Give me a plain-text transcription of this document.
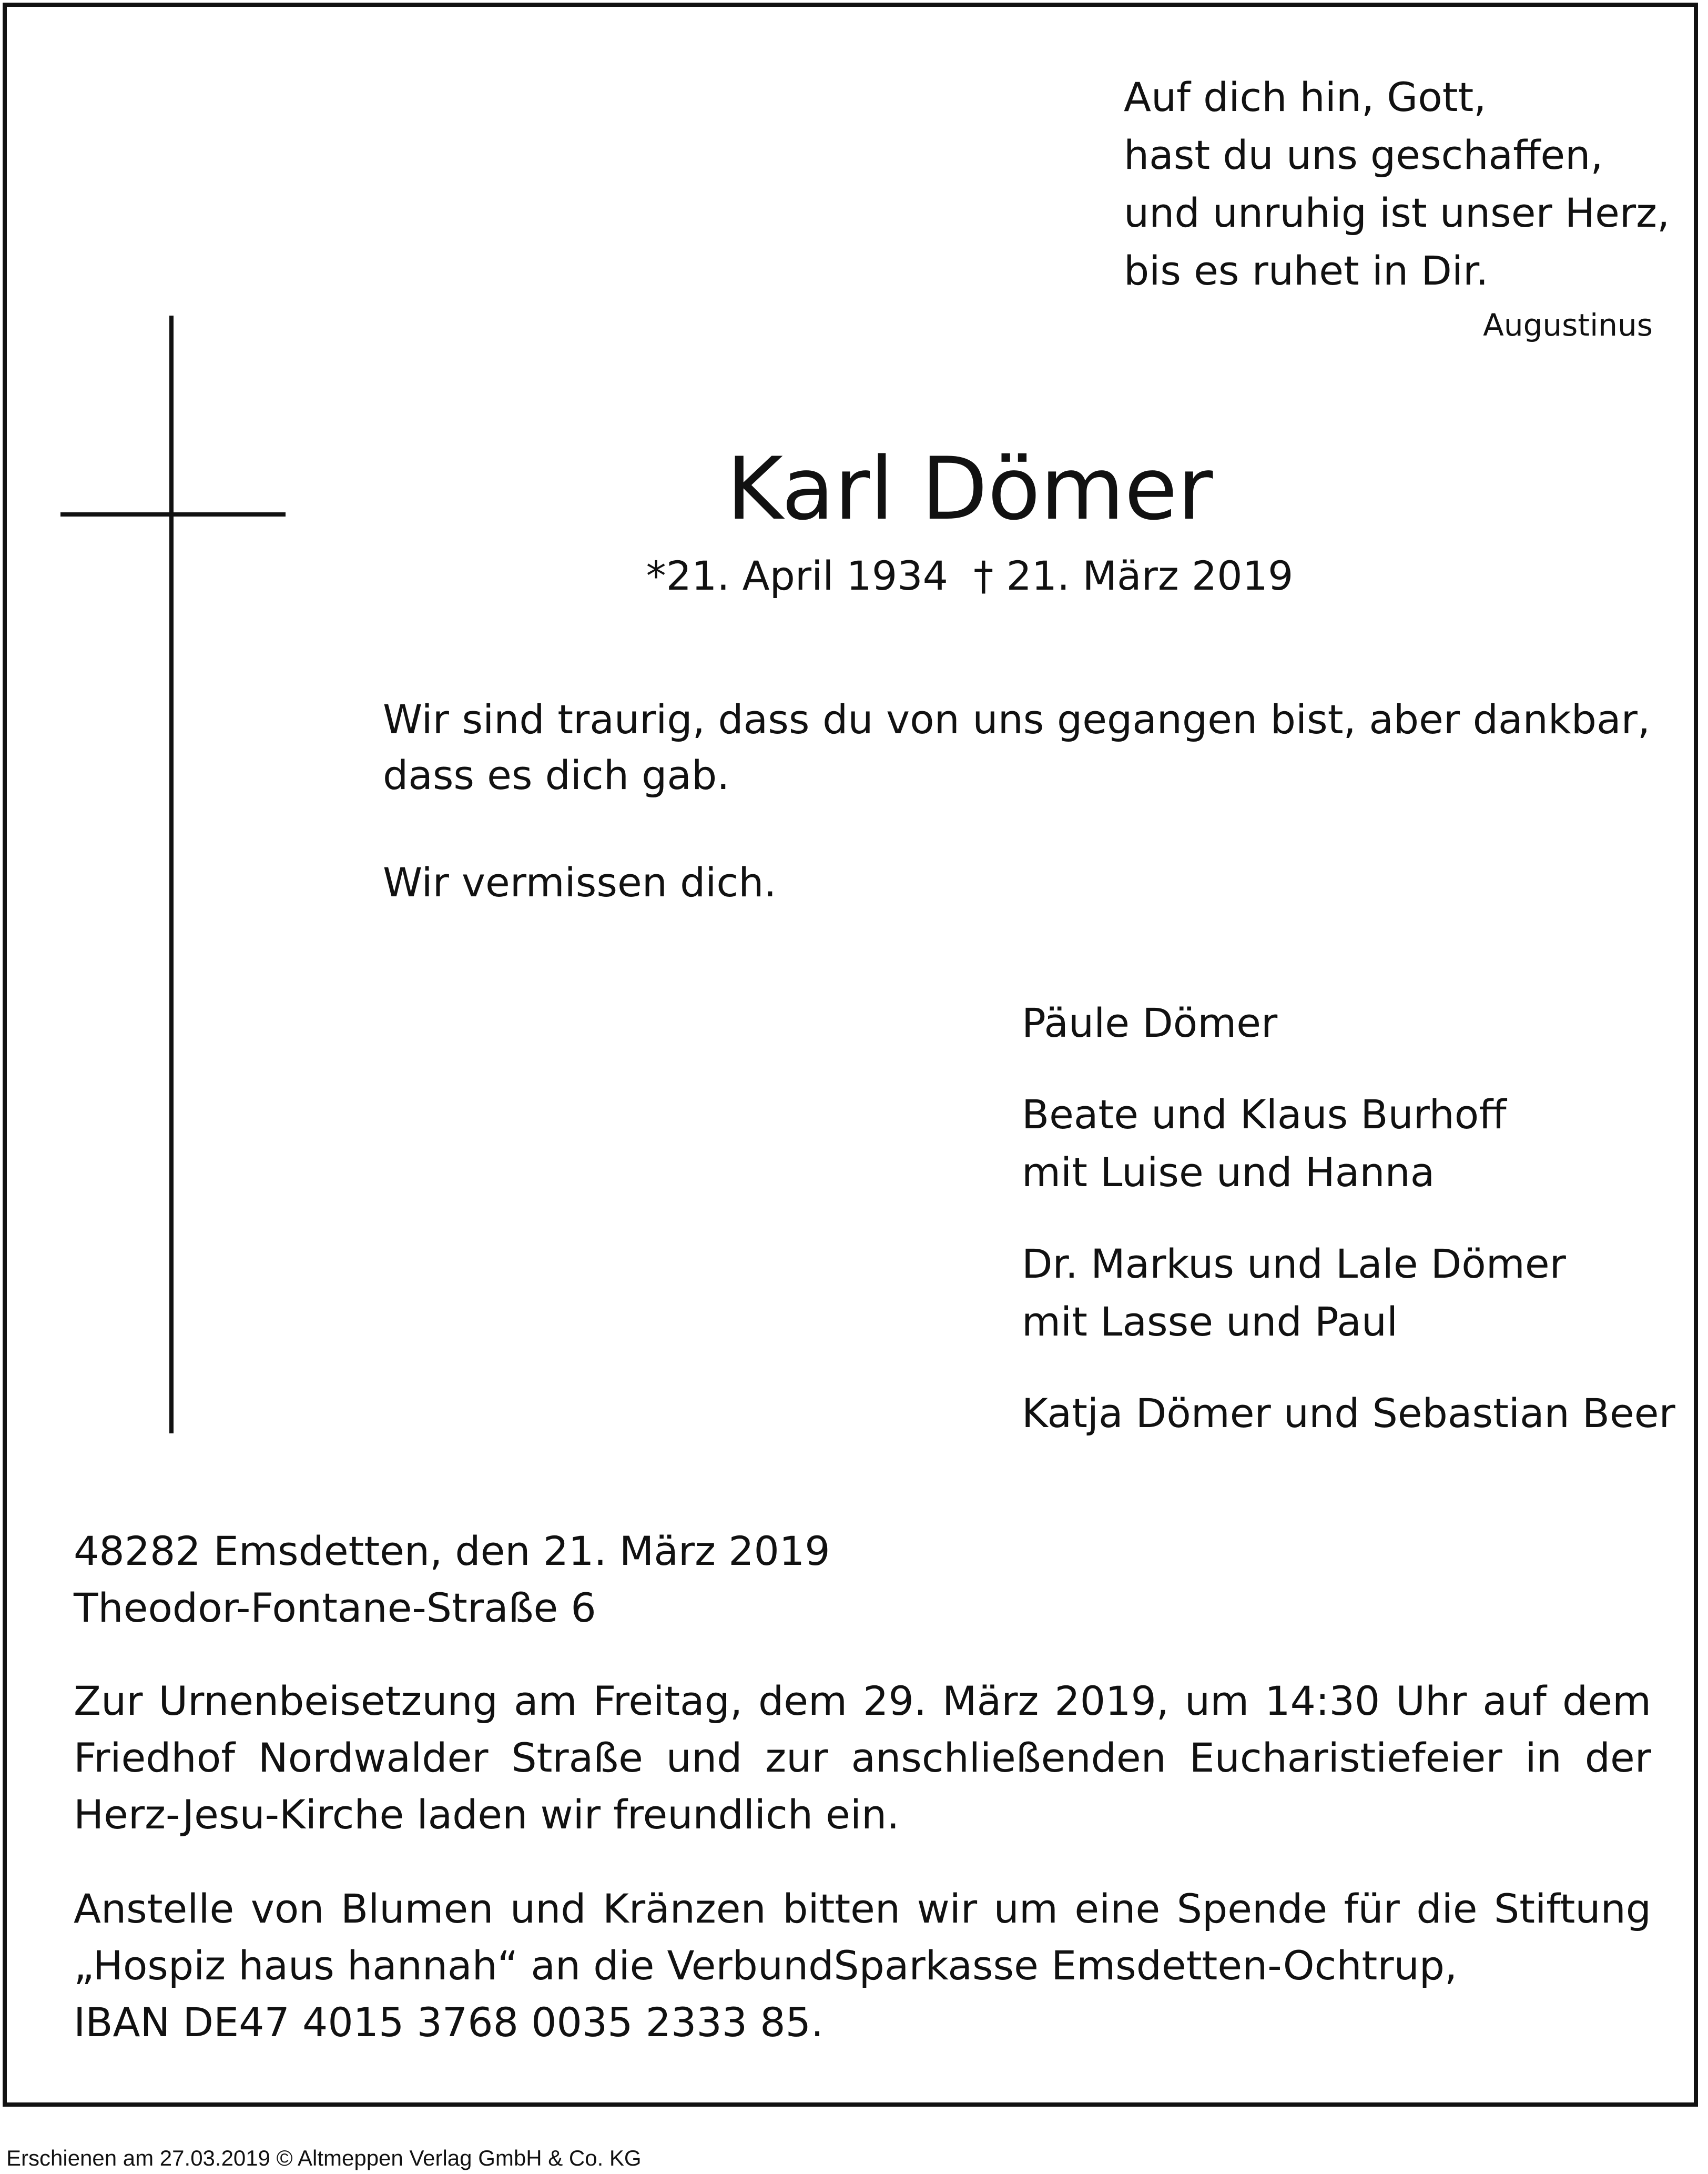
Auf dich hin, Gott,
hast du uns geschaffen,
und unruhig ist unser Herz,
bis es ruhet in Dir.
Augustinus
Karl Dömer
*21. April 1934 † 21. März 2019
Wir sind traurig, dass du von uns gegangen bist, aber dankbar, dass es dich gab.
Wir vermissen dich.
Päule Dömer
Beate und Klaus Burhoff
mit Luise und Hanna
Dr. Markus und Lale Dömer
mit Lasse und Paul
Katja Dömer und Sebastian Beer
48282 Emsdetten, den 21. März 2019
Theodor-Fontane-Straße 6
Zur Urnenbeisetzung am Freitag, dem 29. März 2019, um 14:30 Uhr auf dem Friedhof Nordwalder Straße und zur anschließenden Eucharistiefeier in der Herz-Jesu-Kirche laden wir freundlich ein.
Anstelle von Blumen und Kränzen bitten wir um eine Spende für die Stiftung
„Hospiz haus hannah“ an die VerbundSparkasse Emsdetten-Ochtrup,
IBAN DE47 4015 3768 0035 2333 85.
Erschienen am 27.03.2019 © Altmeppen Verlag GmbH & Co. KG
